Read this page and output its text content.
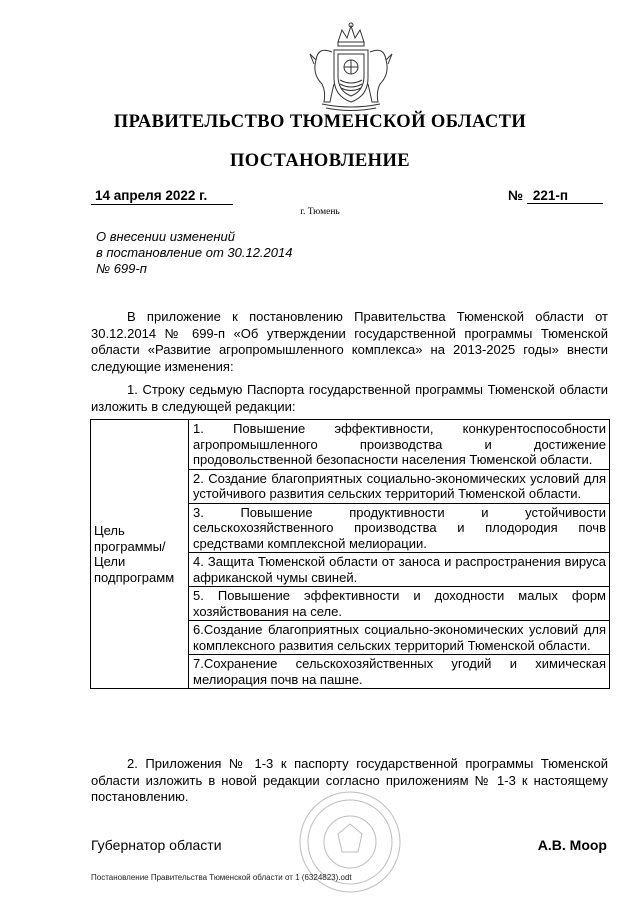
ПРАВИТЕЛЬСТВО ТЮМЕНСКОЙ ОБЛАСТИ
ПОСТАНОВЛЕНИЕ
14 апреля 2022 г.	№ 221-п
г. Тюмень
О внесении изменений
в постановление от 30.12.2014
№ 699-п
В приложение к постановлению Правительства Тюменской области от 30.12.2014 № 699-п «Об утверждении государственной программы Тюменской области «Развитие агропромышленного комплекса» на 2013-2025 годы» внести следующие изменения:
1. Строку седьмую Паспорта государственной программы Тюменской области изложить в следующей редакции:
Цель программы/ Цели подпрограмм	
1. Повышение эффективности, конкурентоспособности агропромышленного производства и достижение продовольственной безопасности населения Тюменской области.
2. Создание благоприятных социально-экономических условий для устойчивого развития сельских территорий Тюменской области.
3. Повышение продуктивности и устойчивости сельскохозяйственного производства и плодородия почв средствами комплексной мелиорации.
4. Защита Тюменской области от заноса и распространения вируса африканской чумы свиней.
5. Повышение эффективности и доходности малых форм хозяйствования на селе.
6.Создание благоприятных социально-экономических условий для комплексного развития сельских территорий Тюменской области.
7.Сохранение сельскохозяйственных угодий и химическая мелиорация почв на пашне.
2. Приложения № 1-3 к паспорту государственной программы Тюменской области изложить в новой редакции согласно приложениям № 1-3 к настоящему постановлению.
Губернатор области	А.В. Моор
Постановление Правительства Тюменской области от 1 (6324823).odt
